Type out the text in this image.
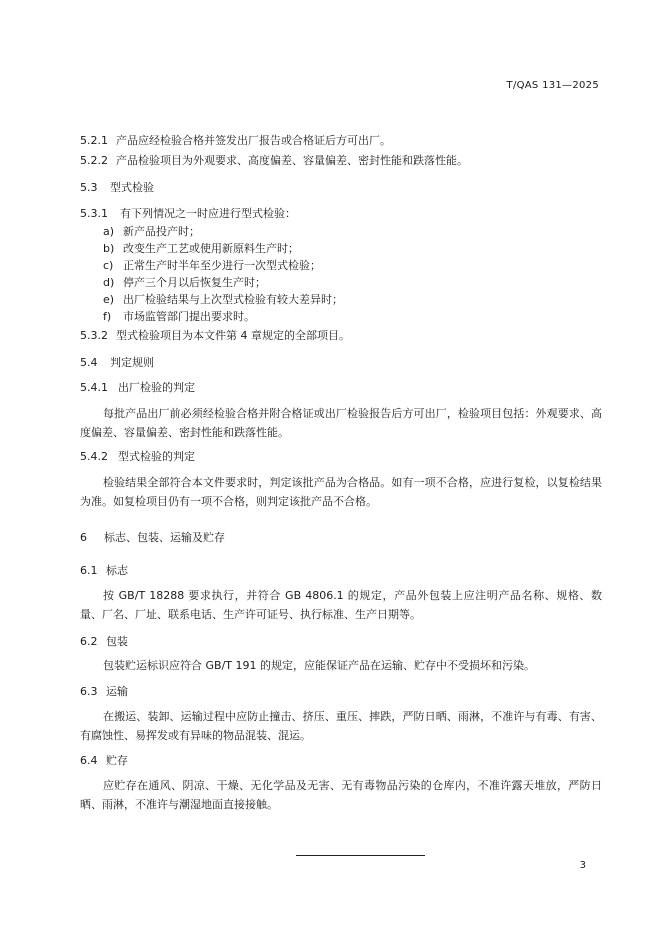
T/QAS 131—2025
5.2.1 产品应经检验合格并签发出厂报告或合格证后方可出厂。
5.2.2 产品检验项目为外观要求、高度偏差、容量偏差、密封性能和跌落性能。
5.3 型式检验
5.3.1 有下列情况之一时应进行型式检验：
a) 新产品投产时；
b) 改变生产工艺或使用新原料生产时；
c) 正常生产时半年至少进行一次型式检验；
d) 停产三个月以后恢复生产时；
e) 出厂检验结果与上次型式检验有较大差异时；
f) 市场监管部门提出要求时。
5.3.2 型式检验项目为本文件第 4 章规定的全部项目。
5.4 判定规则
5.4.1 出厂检验的判定
每批产品出厂前必须经检验合格并附合格证或出厂检验报告后方可出厂，检验项目包括：外观要求、高度偏差、容量偏差、密封性能和跌落性能。
5.4.2 型式检验的判定
检验结果全部符合本文件要求时，判定该批产品为合格品。如有一项不合格，应进行复检，以复检结果为准。如复检项目仍有一项不合格，则判定该批产品不合格。
6 标志、包装、运输及贮存
6.1 标志
按 GB/T 18288 要求执行，并符合 GB 4806.1 的规定，产品外包装上应注明产品名称、规格、数量、厂名、厂址、联系电话、生产许可证号、执行标准、生产日期等。
6.2 包装
包装贮运标识应符合 GB/T 191 的规定，应能保证产品在运输、贮存中不受损坏和污染。
6.3 运输
在搬运、装卸、运输过程中应防止撞击、挤压、重压、摔跌，严防日晒、雨淋，不准许与有毒、有害、有腐蚀性、易挥发或有异味的物品混装、混运。
6.4 贮存
应贮存在通风、阴凉、干燥、无化学品及无害、无有毒物品污染的仓库内，不准许露天堆放，严防日晒、雨淋，不准许与潮湿地面直接接触。
3
